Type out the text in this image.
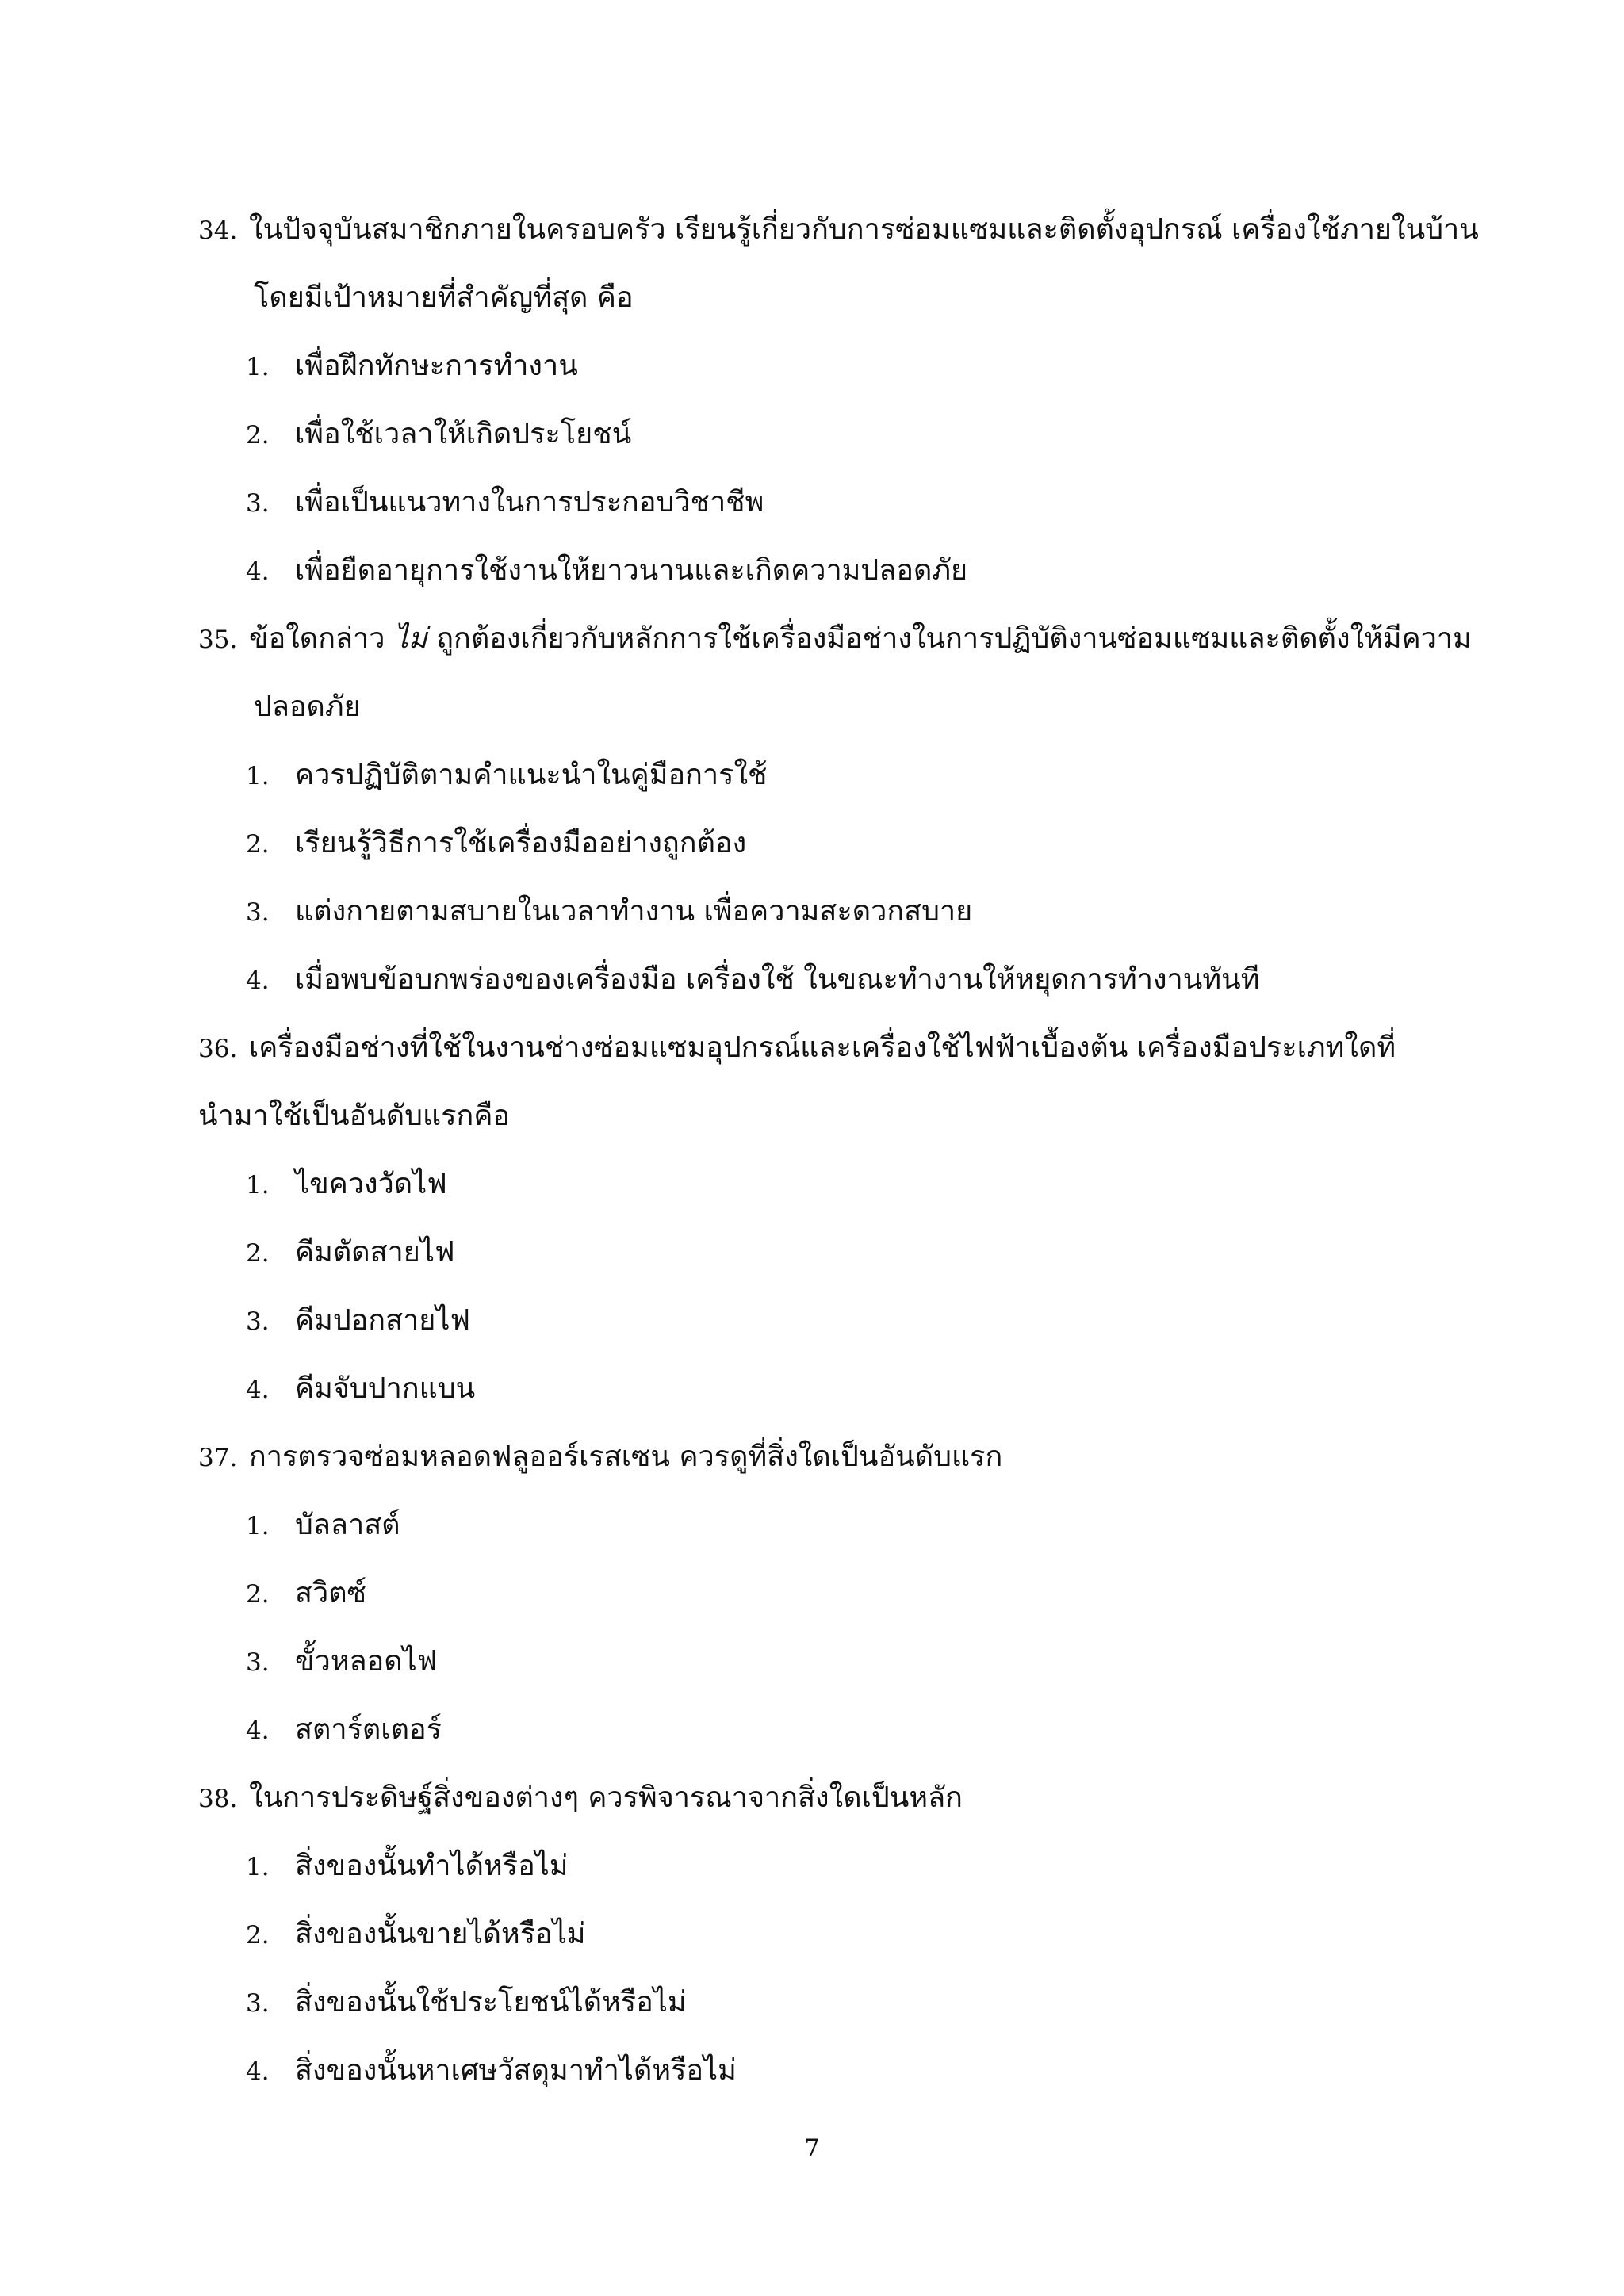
34. ในปัจจุบันสมาชิกภายในครอบครัว เรียนรู้เกี่ยวกับการซ่อมแซมและติดตั้งอุปกรณ์ เครื่องใช้ภายในบ้าน
โดยมีเป้าหมายที่สำคัญที่สุด คือ
1. เพื่อฝึกทักษะการทำงาน
2. เพื่อใช้เวลาให้เกิดประโยชน์
3. เพื่อเป็นแนวทางในการประกอบวิชาชีพ
4. เพื่อยืดอายุการใช้งานให้ยาวนานและเกิดความปลอดภัย
35. ข้อใดกล่าว ไม่ ถูกต้องเกี่ยวกับหลักการใช้เครื่องมือช่างในการปฏิบัติงานซ่อมแซมและติดตั้งให้มีความ
ปลอดภัย
1. ควรปฏิบัติตามคำแนะนำในคู่มือการใช้
2. เรียนรู้วิธีการใช้เครื่องมืออย่างถูกต้อง
3. แต่งกายตามสบายในเวลาทำงาน เพื่อความสะดวกสบาย
4. เมื่อพบข้อบกพร่องของเครื่องมือ เครื่องใช้ ในขณะทำงานให้หยุดการทำงานทันที
36. เครื่องมือช่างที่ใช้ในงานช่างซ่อมแซมอุปกรณ์และเครื่องใช้ไฟฟ้าเบื้องต้น เครื่องมือประเภทใดที่
นำมาใช้เป็นอันดับแรกคือ
1. ไขควงวัดไฟ
2. คีมตัดสายไฟ
3. คีมปอกสายไฟ
4. คีมจับปากแบน
37. การตรวจซ่อมหลอดฟลูออร์เรสเซน ควรดูที่สิ่งใดเป็นอันดับแรก
1. บัลลาสต์
2. สวิตซ์
3. ขั้วหลอดไฟ
4. สตาร์ตเตอร์
38. ในการประดิษฐ์สิ่งของต่างๆ ควรพิจารณาจากสิ่งใดเป็นหลัก
1. สิ่งของนั้นทำได้หรือไม่
2. สิ่งของนั้นขายได้หรือไม่
3. สิ่งของนั้นใช้ประโยชน์ได้หรือไม่
4. สิ่งของนั้นหาเศษวัสดุมาทำได้หรือไม่
7
